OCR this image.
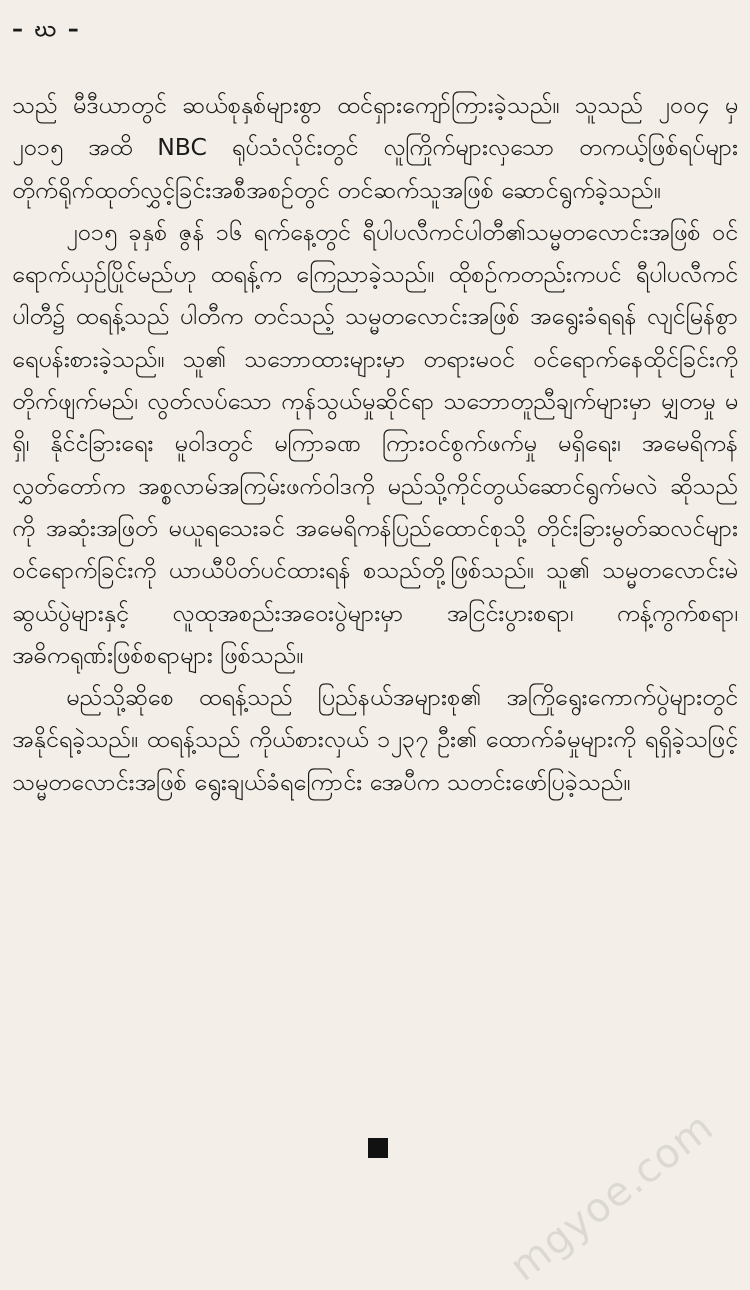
– ဃ –

သည် မီဒီယာတွင် ဆယ်စုနှစ်များစွာ ထင်ရှားကျော်ကြားခဲ့သည်။ သူသည် ၂၀၀၄ မှ ၂၀၁၅ အထိ NBC ရုပ်သံလိုင်းတွင် လူကြိုက်များလှသော တကယ့်ဖြစ်ရပ်များ တိုက်ရိုက်ထုတ်လွှင့်ခြင်းအစီအစဉ်တွင် တင်ဆက်သူအဖြစ် ဆောင်ရွက်ခဲ့သည်။

၂၀၁၅ ခုနှစ် ဇွန် ၁၆ ရက်နေ့တွင် ရီပါပလီကင်ပါတီ၏သမ္မတလောင်းအဖြစ် ဝင်ရောက်ယှဉ်ပြိုင်မည်ဟု ထရန့်က ကြေညာခဲ့သည်။ ထိုစဉ်ကတည်းကပင် ရီပါပလီကင်ပါတီ၌ ထရန့်သည် ပါတီက တင်သည့် သမ္မတလောင်းအဖြစ် အရွေးခံရရန် လျင်မြန်စွာ ရေပန်းစားခဲ့သည်။ သူ၏ သဘောထားများမှာ တရားမဝင် ဝင်ရောက်နေထိုင်ခြင်းကို တိုက်ဖျက်မည်၊ လွတ်လပ်သော ကုန်သွယ်မှုဆိုင်ရာ သဘောတူညီချက်များမှာ မျှတမှု မရှိ၊ နိုင်ငံခြားရေး မူဝါဒတွင် မကြာခဏ ကြားဝင်စွက်ဖက်မှု မရှိရေး၊ အမေရိကန်လွှတ်တော်က အစ္စလာမ်အကြမ်းဖက်ဝါဒကို မည်သို့ကိုင်တွယ်ဆောင်ရွက်မလဲ ဆိုသည်ကို အဆုံးအဖြတ် မယူရသေးခင် အမေရိကန်ပြည်ထောင်စုသို့ တိုင်းခြားမွတ်ဆလင်များ ဝင်ရောက်ခြင်းကို ယာယီပိတ်ပင်ထားရန် စသည်တို့ဖြစ်သည်။ သူ၏ သမ္မတလောင်းမဲဆွယ်ပွဲများနှင့် လူထုအစည်းအဝေးပွဲများမှာ အငြင်းပွားစရာ၊ ကန့်ကွက်စရာ၊ အဓိကရုဏ်းဖြစ်စရာများ ဖြစ်သည်။

မည်သို့ဆိုစေ ထရန့်သည် ပြည်နယ်အများစု၏ အကြိုရွေးကောက်ပွဲများတွင် အနိုင်ရခဲ့သည်။ ထရန့်သည် ကိုယ်စားလှယ် ၁၂၃၇ ဦး၏ ထောက်ခံမှုများကို ရရှိခဲ့သဖြင့် သမ္မတလောင်းအဖြစ် ရွေးချယ်ခံရကြောင်း အေပီက သတင်းဖော်ပြခဲ့သည်။

mgyoe.com
